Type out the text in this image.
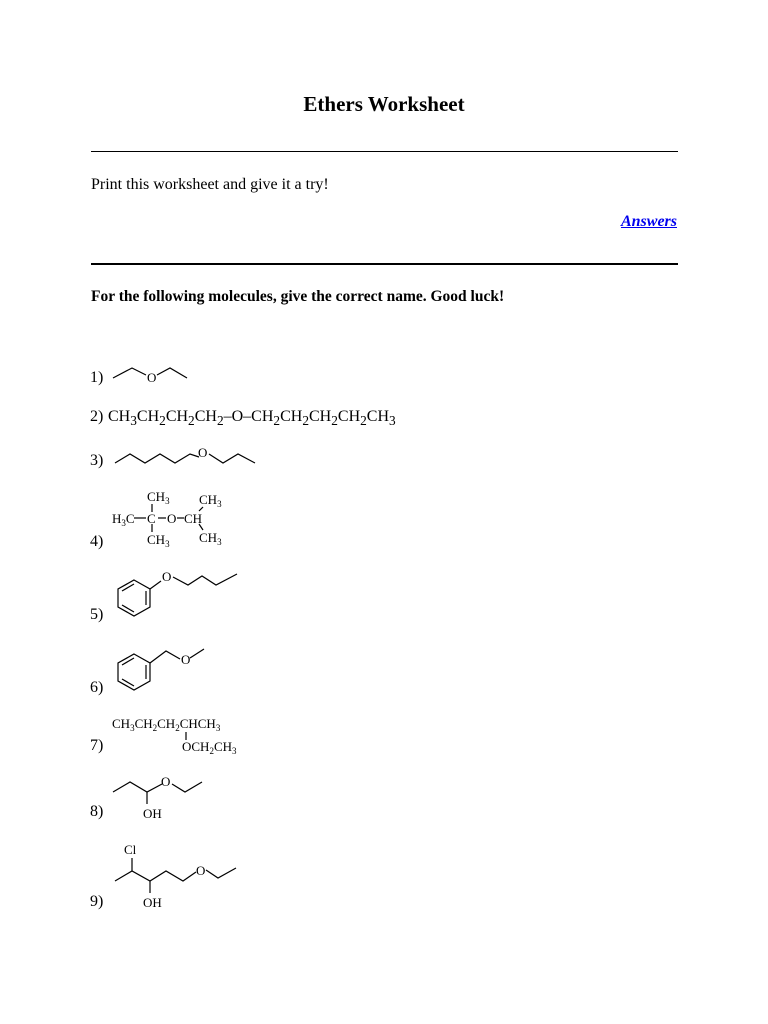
Ethers Worksheet
Print this worksheet and give it a try!
Answers
For the following molecules, give the correct name. Good luck!
1)	O
2) $CH_3CH_2CH_2CH_2-O-CH_2CH_2CH_2CH_2CH_3$
3)	O
4)
$CH_3$ $CH_3$
$H_3C$ C O CH
$CH_3$ $CH_3$
5)
O
6)
O
7)
$CH_3CH_2CH_2CHCH_3$
$OCH_2CH_3$
8)
O
OH
9)
Cl
O
OH
